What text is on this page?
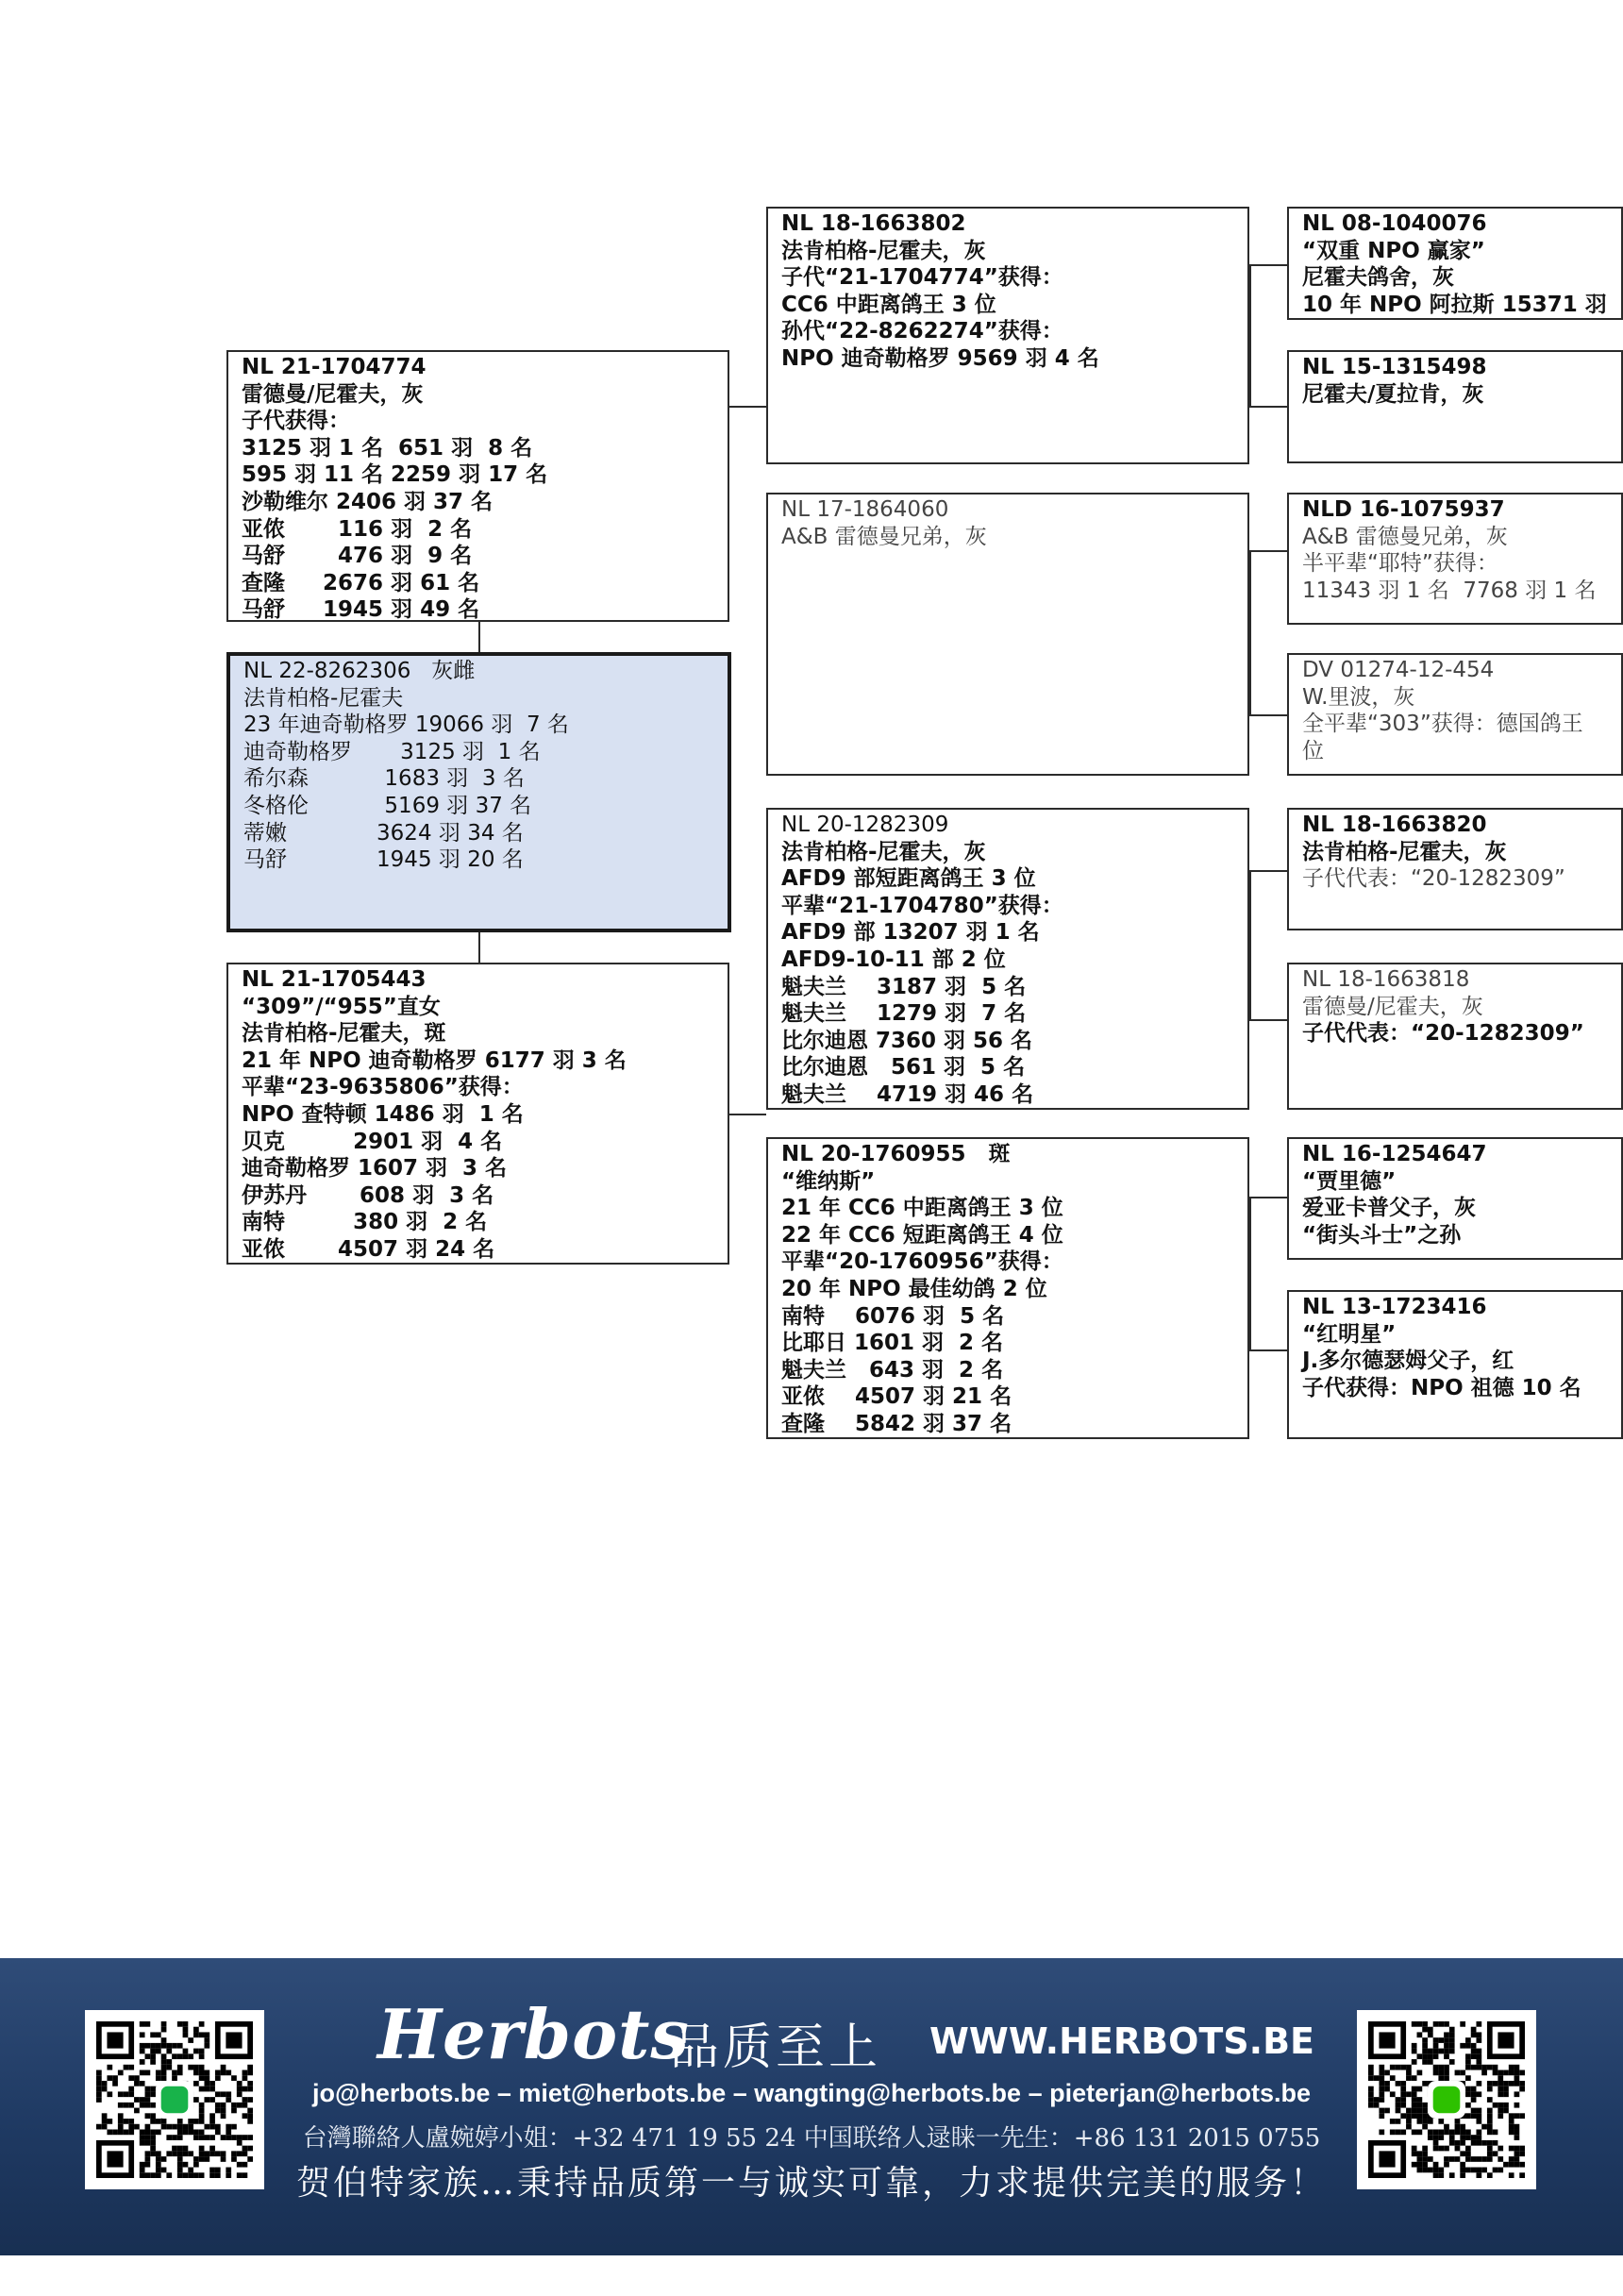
NL 18-1663802
法肯柏格-尼霍夫，灰
子代“21-1704774”获得：
CC6 中距离鸽王 3 位
孙代“22-8262274”获得：
NPO 迪奇勒格罗 9569 羽 4 名
NL 08-1040076
“双重 NPO 赢家”
尼霍夫鸽舍，灰
10 年 NPO 阿拉斯 15371 羽
NL 15-1315498
尼霍夫/夏拉肯，灰
NL 21-1704774
雷德曼/尼霍夫，灰
子代获得：
3125 羽 1 名  651 羽  8 名
595 羽 11 名 2259 羽 17 名
沙勒维尔 2406 羽 37 名
亚侬       116 羽  2 名
马舒       476 羽  9 名
查隆     2676 羽 61 名
马舒     1945 羽 49 名
NL 17-1864060
A&B 雷德曼兄弟，灰
NLD 16-1075937
A&B 雷德曼兄弟，灰
半平辈“耶特”获得：
11343 羽 1 名  7768 羽 1 名
DV 01274-12-454
W.里波，灰
全平辈“303”获得：德国鸽王
位
NL 22-8262306   灰雌
法肯柏格-尼霍夫
23 年迪奇勒格罗 19066 羽  7 名
迪奇勒格罗       3125 羽  1 名
希尔森           1683 羽  3 名
冬格伦           5169 羽 37 名
蒂嫩             3624 羽 34 名
马舒             1945 羽 20 名
NL 20-1282309
法肯柏格-尼霍夫，灰
AFD9 部短距离鸽王 3 位
平辈“21-1704780”获得：
AFD9 部 13207 羽 1 名
AFD9-10-11 部 2 位
魁夫兰    3187 羽  5 名
魁夫兰    1279 羽  7 名
比尔迪恩 7360 羽 56 名
比尔迪恩   561 羽  5 名
魁夫兰    4719 羽 46 名
NL 18-1663820
法肯柏格-尼霍夫，灰
子代代表：“20-1282309”
NL 18-1663818
雷德曼/尼霍夫，灰
子代代表：“20-1282309”
NL 21-1705443
“309”/“955”直女
法肯柏格-尼霍夫，斑
21 年 NPO 迪奇勒格罗 6177 羽 3 名
平辈“23-9635806”获得：
NPO 查特顿 1486 羽  1 名
贝克         2901 羽  4 名
迪奇勒格罗 1607 羽  3 名
伊苏丹       608 羽  3 名
南特         380 羽  2 名
亚侬       4507 羽 24 名
NL 20-1760955   斑
“维纳斯”
21 年 CC6 中距离鸽王 3 位
22 年 CC6 短距离鸽王 4 位
平辈“20-1760956”获得：
20 年 NPO 最佳幼鸽 2 位
南特    6076 羽  5 名
比耶日 1601 羽  2 名
魁夫兰   643 羽  2 名
亚侬    4507 羽 21 名
查隆    5842 羽 37 名
NL 16-1254647
“贾里德”
爱亚卡普父子，灰
“街头斗士”之孙
NL 13-1723416
“红明星”
J.多尔德瑟姆父子，红
子代获得：NPO 祖德 10 名
Herbots
品质至上 WWW.HERBOTS.BE
jo@herbots.be – miet@herbots.be – wangting@herbots.be – pieterjan@herbots.be
台灣聯絡人盧婉婷小姐：+32 471 19 55 24 中国联络人逯睐一先生：+86 131 2015 0755
贺伯特家族…秉持品质第一与诚实可靠，力求提供完美的服务！
